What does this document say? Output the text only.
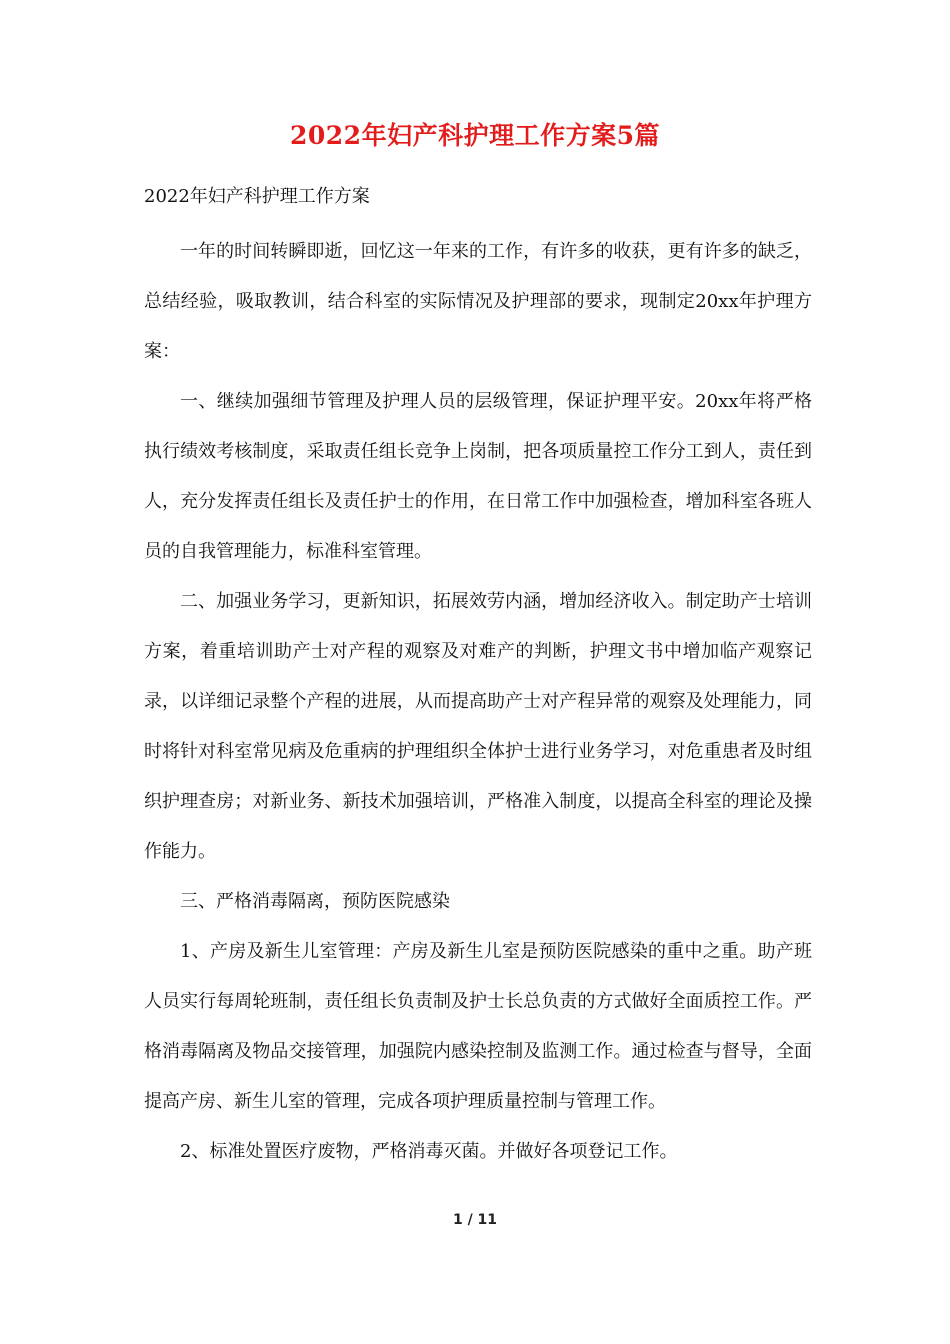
2022年妇产科护理工作方案5篇

2022年妇产科护理工作方案

一年的时间转瞬即逝，回忆这一年来的工作，有许多的收获，更有许多的缺乏，总结经验，吸取教训，结合科室的实际情况及护理部的要求，现制定20xx年护理方案：

一、继续加强细节管理及护理人员的层级管理，保证护理平安。20xx年将严格执行绩效考核制度，采取责任组长竞争上岗制，把各项质量控工作分工到人，责任到人，充分发挥责任组长及责任护士的作用，在日常工作中加强检查，增加科室各班人员的自我管理能力，标准科室管理。

二、加强业务学习，更新知识，拓展效劳内涵，增加经济收入。制定助产士培训方案，着重培训助产士对产程的观察及对难产的判断，护理文书中增加临产观察记录，以详细记录整个产程的进展，从而提高助产士对产程异常的观察及处理能力，同时将针对科室常见病及危重病的护理组织全体护士进行业务学习，对危重患者及时组织护理查房；对新业务、新技术加强培训，严格准入制度，以提高全科室的理论及操作能力。

三、严格消毒隔离，预防医院感染

1、产房及新生儿室管理：产房及新生儿室是预防医院感染的重中之重。助产班人员实行每周轮班制，责任组长负责制及护士长总负责的方式做好全面质控工作。严格消毒隔离及物品交接管理，加强院内感染控制及监测工作。通过检查与督导，全面提高产房、新生儿室的管理，完成各项护理质量控制与管理工作。

2、标准处置医疗废物，严格消毒灭菌。并做好各项登记工作。

1 / 11
